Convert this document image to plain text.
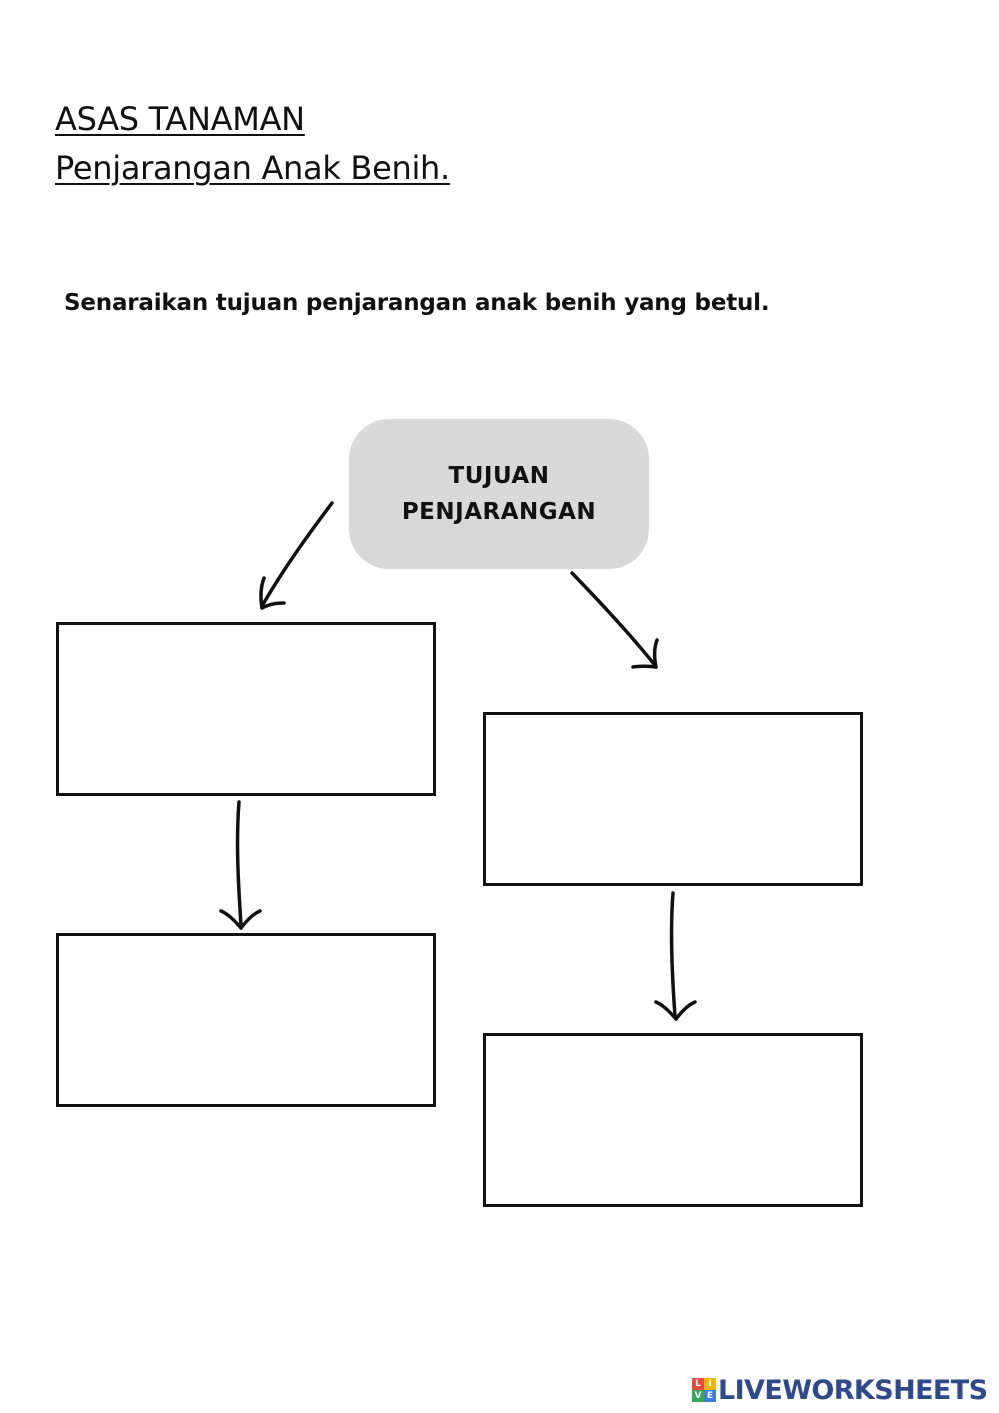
ASAS TANAMAN
Penjarangan Anak Benih.
Senaraikan tujuan penjarangan anak benih yang betul.
TUJUAN
PENJARANGAN
L I
V E LIVEWORKSHEETS
